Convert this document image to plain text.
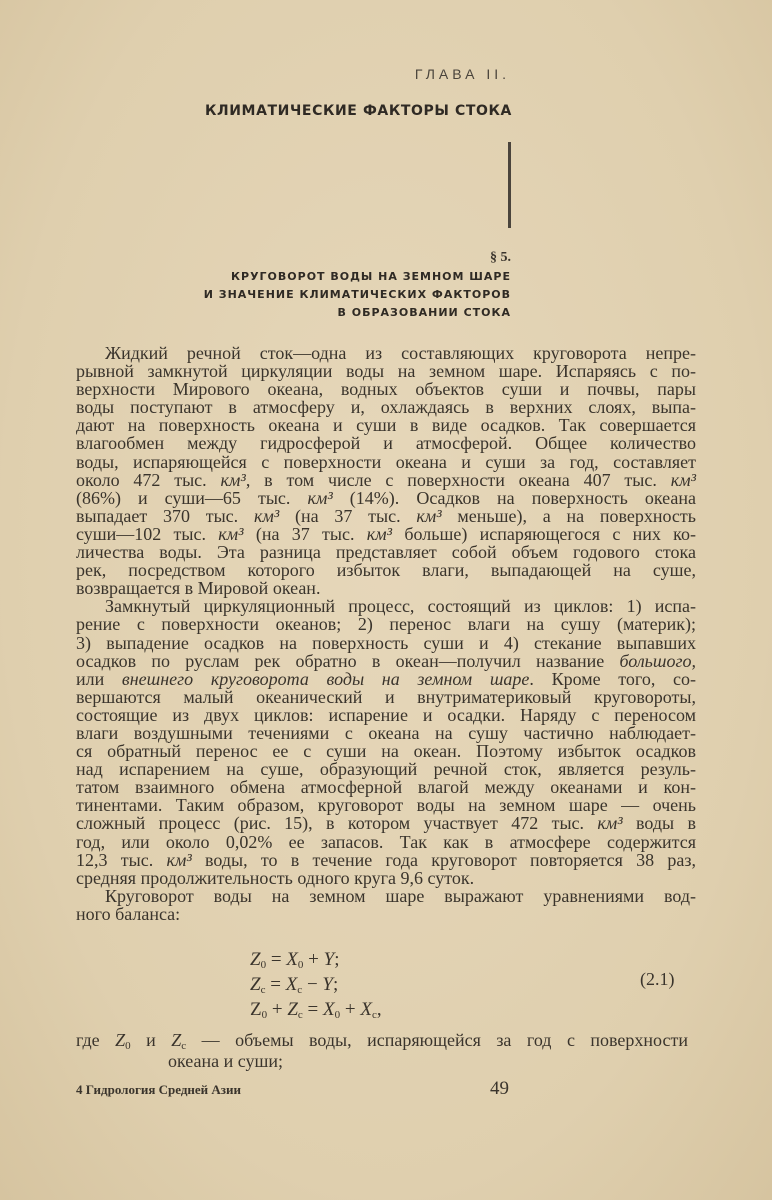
ГЛАВА II.
КЛИМАТИЧЕСКИЕ ФАКТОРЫ СТОКА
§ 5.
КРУГОВОРОТ ВОДЫ НА ЗЕМНОМ ШАРЕ
И ЗНАЧЕНИЕ КЛИМАТИЧЕСКИХ ФАКТОРОВ
В ОБРАЗОВАНИИ СТОКА
Жидкий речной сток—одна из составляющих круговорота непре-
рывной замкнутой циркуляции воды на земном шаре. Испаряясь с по-
верхности Мирового океана, водных объектов суши и почвы, пары
воды поступают в атмосферу и, охлаждаясь в верхних слоях, выпа-
дают на поверхность океана и суши в виде осадков. Так совершается
влагообмен между гидросферой и атмосферой. Общее количество
воды, испаряющейся с поверхности океана и суши за год, составляет
около 472 тыс. км³, в том числе с поверхности океана 407 тыс. км³
(86%) и суши—65 тыс. км³ (14%). Осадков на поверхность океана
выпадает 370 тыс. км³ (на 37 тыс. км³ меньше), а на поверхность
суши—102 тыс. км³ (на 37 тыс. км³ больше) испаряющегося с них ко-
личества воды. Эта разница представляет собой объем годового стока
рек, посредством которого избыток влаги, выпадающей на суше,
возвращается в Мировой океан.
Замкнутый циркуляционный процесс, состоящий из циклов: 1) испа-
рение с поверхности океанов; 2) перенос влаги на сушу (материк);
3) выпадение осадков на поверхность суши и 4) стекание выпавших
осадков по руслам рек обратно в океан—получил название большого,
или внешнего круговорота воды на земном шаре. Кроме того, со-
вершаются малый океанический и внутриматериковый круговороты,
состоящие из двух циклов: испарение и осадки. Наряду с переносом
влаги воздушными течениями с океана на сушу частично наблюдает-
ся обратный перенос ее с суши на океан. Поэтому избыток осадков
над испарением на суше, образующий речной сток, является резуль-
татом взаимного обмена атмосферной влагой между океанами и кон-
тинентами. Таким образом, круговорот воды на земном шаре — очень
сложный процесс (рис. 15), в котором участвует 472 тыс. км³ воды в
год, или около 0,02% ее запасов. Так как в атмосфере содержится
12,3 тыс. км³ воды, то в течение года круговорот повторяется 38 раз,
средняя продолжительность одного круга 9,6 суток.
Круговорот воды на земном шаре выражают уравнениями вод-
ного баланса:
$Z_0 = X_0 + Y$;
$Z_c = X_c - Y$;
$Z_0 + Z_c = X_0 + X_c$,
(2.1)
где $Z_0$ и $Z_c$ — объемы воды, испаряющейся за год с поверхности
океана и суши;
4 Гидрология Средней Азии	49
